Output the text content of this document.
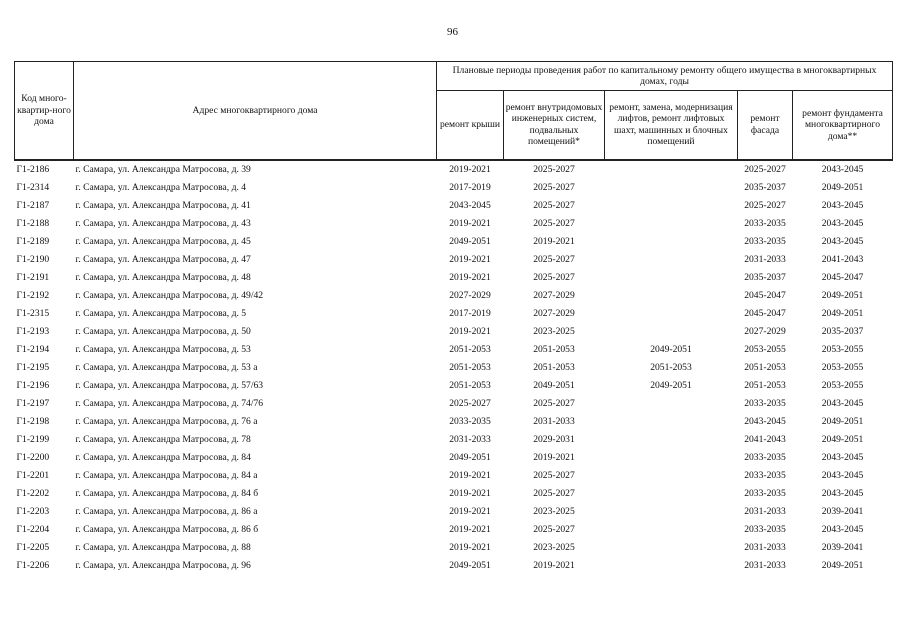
96
Код много-квартир-ного дома	Адрес многоквартирного дома	Плановые периоды проведения работ по капитальному ремонту общего имущества в многоквартирных домах, годы				
		ремонт крыши	ремонт внутридомовых инженерных систем, подвальных помещений*	ремонт, замена, модернизация лифтов, ремонт лифтовых шахт, машинных и блочных помещений	ремонт фасада	ремонт фундамента многоквартирного дома**
Г1-2186	г. Самара, ул. Александра Матросова, д. 39	2019-2021	2025-2027		2025-2027	2043-2045
Г1-2314	г. Самара, ул. Александра Матросова, д. 4	2017-2019	2025-2027		2035-2037	2049-2051
Г1-2187	г. Самара, ул. Александра Матросова, д. 41	2043-2045	2025-2027		2025-2027	2043-2045
Г1-2188	г. Самара, ул. Александра Матросова, д. 43	2019-2021	2025-2027		2033-2035	2043-2045
Г1-2189	г. Самара, ул. Александра Матросова, д. 45	2049-2051	2019-2021		2033-2035	2043-2045
Г1-2190	г. Самара, ул. Александра Матросова, д. 47	2019-2021	2025-2027		2031-2033	2041-2043
Г1-2191	г. Самара, ул. Александра Матросова, д. 48	2019-2021	2025-2027		2035-2037	2045-2047
Г1-2192	г. Самара, ул. Александра Матросова, д. 49/42	2027-2029	2027-2029		2045-2047	2049-2051
Г1-2315	г. Самара, ул. Александра Матросова, д. 5	2017-2019	2027-2029		2045-2047	2049-2051
Г1-2193	г. Самара, ул. Александра Матросова, д. 50	2019-2021	2023-2025		2027-2029	2035-2037
Г1-2194	г. Самара, ул. Александра Матросова, д. 53	2051-2053	2051-2053	2049-2051	2053-2055	2053-2055
Г1-2195	г. Самара, ул. Александра Матросова, д. 53 а	2051-2053	2051-2053	2051-2053	2051-2053	2053-2055
Г1-2196	г. Самара, ул. Александра Матросова, д. 57/63	2051-2053	2049-2051	2049-2051	2051-2053	2053-2055
Г1-2197	г. Самара, ул. Александра Матросова, д. 74/76	2025-2027	2025-2027		2033-2035	2043-2045
Г1-2198	г. Самара, ул. Александра Матросова, д. 76 а	2033-2035	2031-2033		2043-2045	2049-2051
Г1-2199	г. Самара, ул. Александра Матросова, д. 78	2031-2033	2029-2031		2041-2043	2049-2051
Г1-2200	г. Самара, ул. Александра Матросова, д. 84	2049-2051	2019-2021		2033-2035	2043-2045
Г1-2201	г. Самара, ул. Александра Матросова, д. 84 а	2019-2021	2025-2027		2033-2035	2043-2045
Г1-2202	г. Самара, ул. Александра Матросова, д. 84 б	2019-2021	2025-2027		2033-2035	2043-2045
Г1-2203	г. Самара, ул. Александра Матросова, д. 86 а	2019-2021	2023-2025		2031-2033	2039-2041
Г1-2204	г. Самара, ул. Александра Матросова, д. 86 б	2019-2021	2025-2027		2033-2035	2043-2045
Г1-2205	г. Самара, ул. Александра Матросова, д. 88	2019-2021	2023-2025		2031-2033	2039-2041
Г1-2206	г. Самара, ул. Александра Матросова, д. 96	2049-2051	2019-2021		2031-2033	2049-2051
